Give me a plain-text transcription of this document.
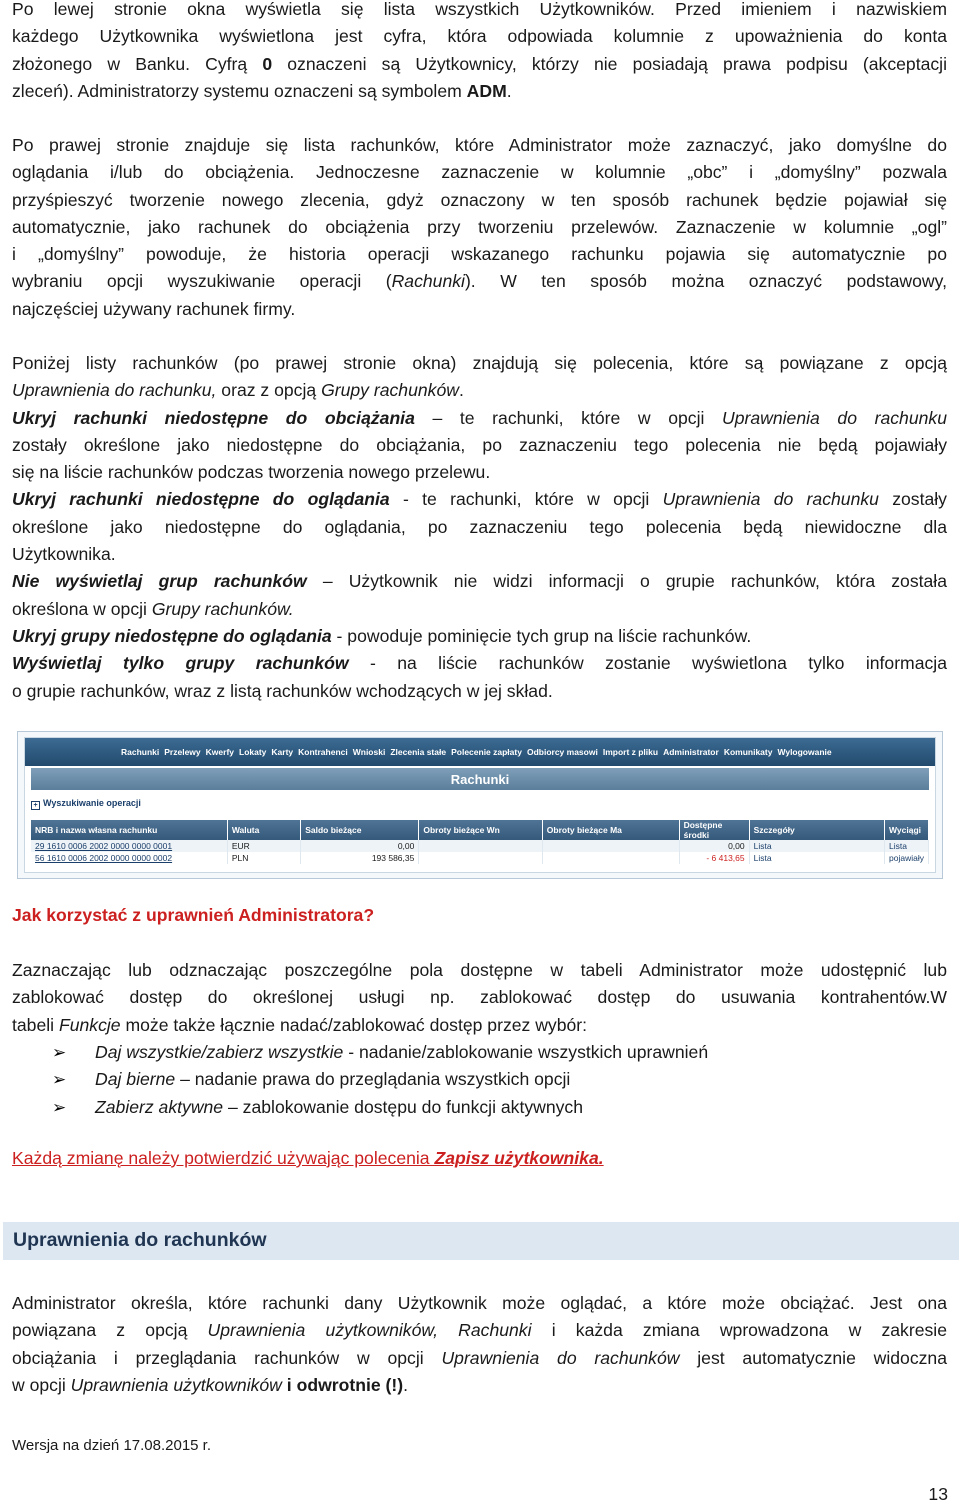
Po lewej stronie okna wyświetla się lista wszystkich Użytkowników. Przed imieniem i nazwiskiem
każdego Użytkownika wyświetlona jest cyfra, która odpowiada kolumnie z upoważnienia do konta
złożonego w Banku. Cyfrą 0 oznaczeni są Użytkownicy, którzy nie posiadają prawa podpisu (akceptacji
zleceń). Administratorzy systemu oznaczeni są symbolem ADM.

Po prawej stronie znajduje się lista rachunków, które Administrator może zaznaczyć, jako domyślne do
oglądania i/lub do obciążenia. Jednoczesne zaznaczenie w kolumnie „obc” i „domyślny” pozwala
przyśpieszyć tworzenie nowego zlecenia, gdyż oznaczony w ten sposób rachunek będzie pojawiał się
automatycznie, jako rachunek do obciążenia przy tworzeniu przelewów. Zaznaczenie w kolumnie „ogl”
i „domyślny” powoduje, że historia operacji wskazanego rachunku pojawia się automatycznie po
wybraniu opcji wyszukiwanie operacji (Rachunki). W ten sposób można oznaczyć podstawowy,
najczęściej używany rachunek firmy.

Poniżej listy rachunków (po prawej stronie okna) znajdują się polecenia, które są powiązane z opcją
Uprawnienia do rachunku, oraz z opcją Grupy rachunków.
Ukryj rachunki niedostępne do obciążania – te rachunki, które w opcji Uprawnienia do rachunku
zostały określone jako niedostępne do obciążania, po zaznaczeniu tego polecenia nie będą pojawiały
się na liście rachunków podczas tworzenia nowego przelewu.
Ukryj rachunki niedostępne do oglądania - te rachunki, które w opcji Uprawnienia do rachunku zostały
określone jako niedostępne do oglądania, po zaznaczeniu tego polecenia będą niewidoczne dla
Użytkownika.
Nie wyświetlaj grup rachunków – Użytkownik nie widzi informacji o grupie rachunków, która została
określona w opcji Grupy rachunków.
Ukryj grupy niedostępne do oglądania - powoduje pominięcie tych grup na liście rachunków.
Wyświetlaj tylko grupy rachunków - na liście rachunków zostanie wyświetlona tylko informacja
o grupie rachunków, wraz z listą rachunków wchodzących w jej skład.

Rachunki Przelewy Kwerfy Lokaty Karty Kontrahenci Wnioski Zlecenia stałe Polecenie zapłaty Odbiorcy masowi Import z pliku Administrator Komunikaty Wylogowanie
Rachunki
+ Wyszukiwanie operacji
NRB i nazwa własna rachunku	Waluta	Saldo bieżące	Obroty bieżące Wn	Obroty bieżące Ma	Dostępne środki	Szczegóły	Wyciągi
29 1610 0006 2002 0000 0000 0001	EUR	0,00			0,00	Lista	Lista
56 1610 0006 2002 0000 0000 0002	PLN	193 586,35			- 6 413,65	Lista	pojawiały
Jak korzystać z uprawnień Administratora?

Zaznaczając lub odznaczając poszczególne pola dostępne w tabeli Administrator może udostępnić lub
zablokować dostęp do określonej usługi np. zablokować dostęp do usuwania kontrahentów.W
tabeli Funkcje może także łącznie nadać/zablokować dostęp przez wybór:

➢ Daj wszystkie/zabierz wszystkie - nadanie/zablokowanie wszystkich uprawnień
➢ Daj bierne – nadanie prawa do przeglądania wszystkich opcji
➢ Zabierz aktywne – zablokowanie dostępu do funkcji aktywnych
Każdą zmianę należy potwierdzić używając polecenia Zapisz użytkownika.
Uprawnienia do rachunków

Administrator określa, które rachunki dany Użytkownik może oglądać, a które może obciążać. Jest ona
powiązana z opcją Uprawnienia użytkowników, Rachunki i każda zmiana wprowadzona w zakresie
obciążania i przeglądania rachunków w opcji Uprawnienia do rachunków jest automatycznie widoczna
w opcji Uprawnienia użytkowników i odwrotnie (!).

Wersja na dzień 17.08.2015 r.
13
